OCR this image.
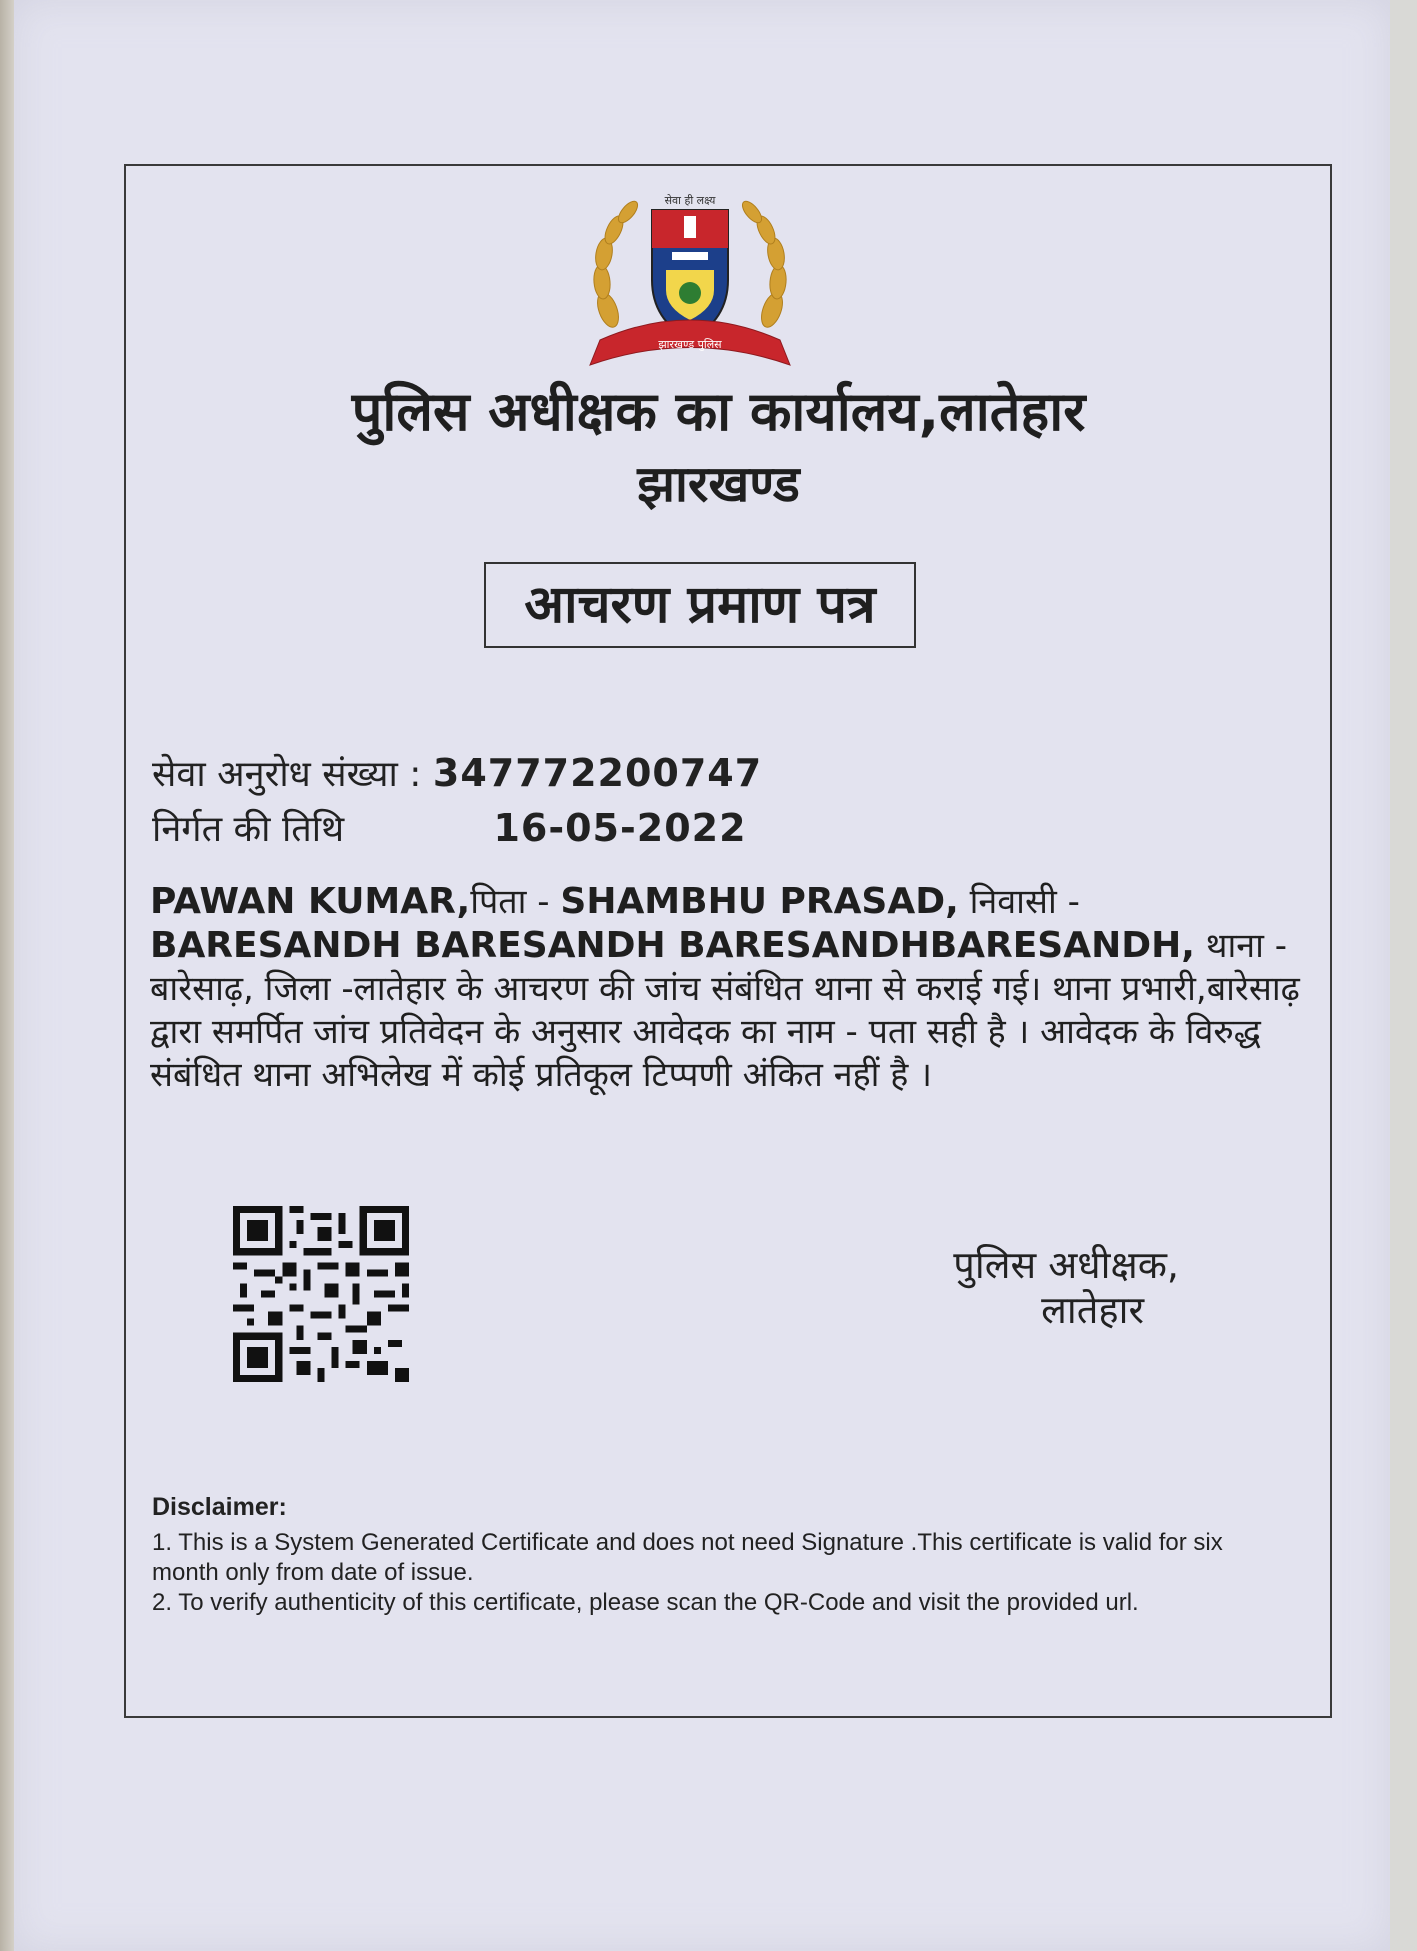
झारखण्ड पुलिस
सेवा ही लक्ष्य
पुलिस अधीक्षक का कार्यालय,लातेहार
झारखण्ड
आचरण प्रमाण पत्र
सेवा अनुरोध संख्या : 347772200747
निर्गत की तिथि	16-05-2022
PAWAN KUMAR,पिता - SHAMBHU PRASAD, निवासी - BARESANDH BARESANDH BARESANDHBARESANDH, थाना - बारेसाढ़, जिला -लातेहार के आचरण की जांच संबंधित थाना से कराई गई। थाना प्रभारी,बारेसाढ़ द्वारा समर्पित जांच प्रतिवेदन के अनुसार आवेदक का नाम - पता सही है । आवेदक के विरुद्ध संबंधित थाना अभिलेख में कोई प्रतिकूल टिप्पणी अंकित नहीं है ।
पुलिस अधीक्षक,
लातेहार
Disclaimer:
1. This is a System Generated Certificate and does not need Signature .This certificate is valid for six month only from date of issue.
2. To verify authenticity of this certificate, please scan the QR-Code and visit the provided url.
